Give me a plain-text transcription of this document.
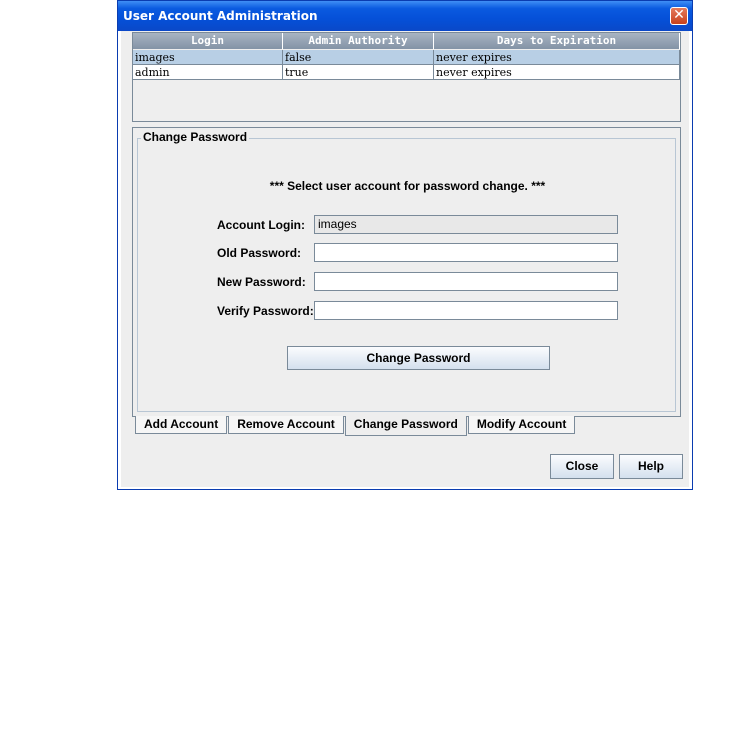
User Account Administration	✕
Login	Admin Authority	Days to Expiration
images	false	never expires
admin	true	never expires
Change Password
*** Select user account for password change. ***
Account Login:	images
Old Password:
New Password:
Verify Password:
Change Password
Add Account	Remove Account	Change Password	Modify Account
Close	Help
